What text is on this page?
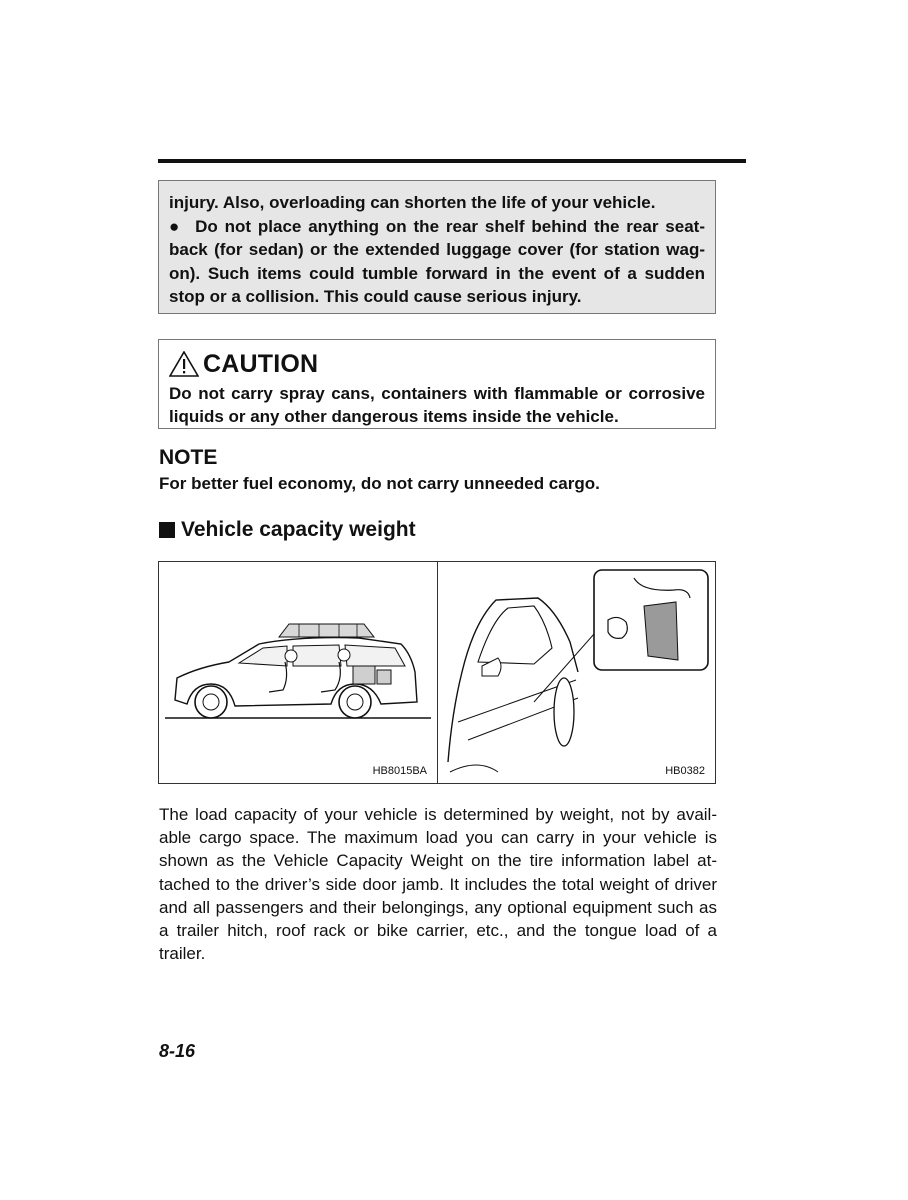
injury. Also, overloading can shorten the life of your vehicle.

● Do not place anything on the rear shelf behind the rear seat-back (for sedan) or the extended luggage cover (for station wag-on). Such items could tumble forward in the event of a sudden stop or a collision. This could cause serious injury.

CAUTION
Do not carry spray cans, containers with flammable or corrosive liquids or any other dangerous items inside the vehicle.
NOTE
For better fuel economy, do not carry unneeded cargo.
Vehicle capacity weight
HB8015BA	HB0382
The load capacity of your vehicle is determined by weight, not by avail-able cargo space. The maximum load you can carry in your vehicle is shown as the Vehicle Capacity Weight on the tire information label at-tached to the driver’s side door jamb. It includes the total weight of driver and all passengers and their belongings, any optional equipment such as a trailer hitch, roof rack or bike carrier, etc., and the tongue load of a trailer.
8-16
